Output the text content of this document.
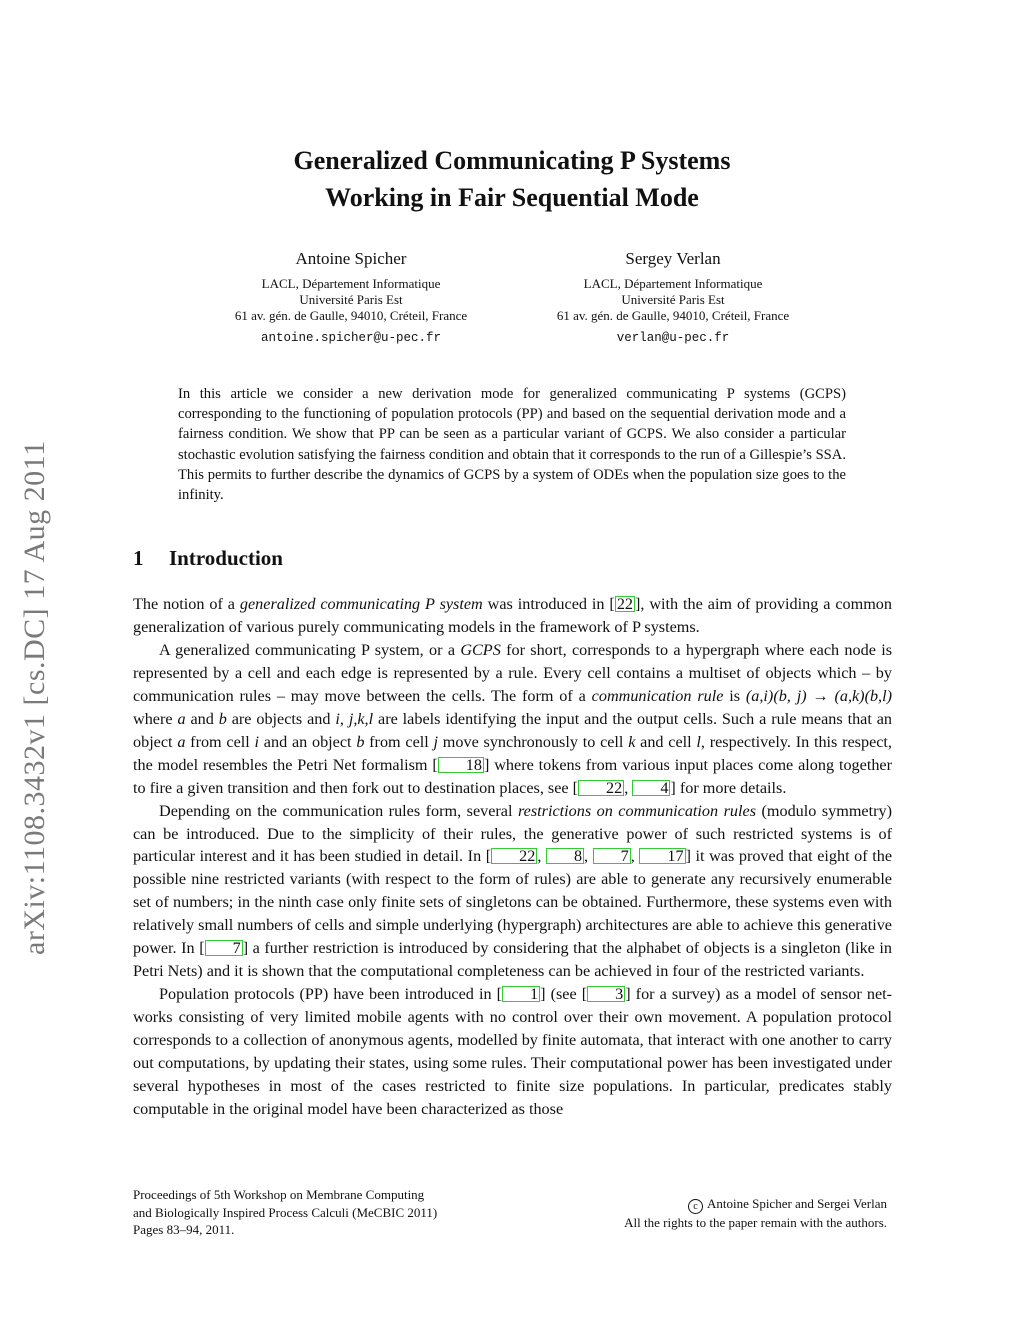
arXiv:1108.3432v1 [cs.DC] 17 Aug 2011
Generalized Communicating P Systems
Working in Fair Sequential Mode
Antoine Spicher
LACL, Département Informatique
Université Paris Est
61 av. gén. de Gaulle, 94010, Créteil, France
antoine.spicher@u-pec.fr
Sergey Verlan
LACL, Département Informatique
Université Paris Est
61 av. gén. de Gaulle, 94010, Créteil, France
verlan@u-pec.fr
In this article we consider a new derivation mode for generalized communicating P systems (GCPS) corresponding to the functioning of population protocols (PP) and based on the sequential derivation mode and a fairness condition. We show that PP can be seen as a particular variant of GCPS. We also consider a particular stochastic evolution satisfying the fairness condition and obtain that it corresponds to the run of a Gillespie’s SSA. This permits to further describe the dynamics of GCPS by a system of ODEs when the population size goes to the infinity.
1 Introduction

The notion of a generalized communicating P system was introduced in [ 22 ], with the aim of providing a common generalization of various purely communicating models in the framework of P systems.

A generalized communicating P system, or a GCPS for short, corresponds to a hypergraph where each node is represented by a cell and each edge is represented by a rule. Every cell contains a multiset of objects which – by communication rules – may move between the cells. The form of a communication rule is (a,i)(b, j) → (a,k)(b,l) where a and b are objects and i, j,k,l are labels identifying the input and the output cells. Such a rule means that an object a from cell i and an object b from cell j move synchronously to cell k and cell l, respectively. In this respect, the model resembles the Petri Net formalism [ 18 ] where tokens from various input places come along together to fire a given transition and then fork out to destination places, see [ 22 , 4 ] for more details.

Depending on the communication rules form, several restrictions on communication rules (modulo symmetry) can be introduced. Due to the simplicity of their rules, the generative power of such restricted systems is of particular interest and it has been studied in detail. In [ 22 , 8 , 7 , 17 ] it was proved that eight of the possible nine restricted variants (with respect to the form of rules) are able to generate any recursively enumerable set of numbers; in the ninth case only finite sets of singletons can be obtained. Furthermore, these systems even with relatively small numbers of cells and simple underlying (hypergraph) architectures are able to achieve this generative power. In [ 7 ] a further restriction is introduced by considering that the alphabet of objects is a singleton (like in Petri Nets) and it is shown that the computational completeness can be achieved in four of the restricted variants.

Population protocols (PP) have been introduced in [ 1 ] (see [ 3 ] for a survey) as a model of sensor networks consisting of very limited mobile agents with no control over their own movement. A population protocol corresponds to a collection of anonymous agents, modelled by finite automata, that interact with one another to carry out computations, by updating their states, using some rules. Their computational power has been investigated under several hypotheses in most of the cases restricted to finite size populations. In particular, predicates stably computable in the original model have been characterized as those

Proceedings of 5th Workshop on Membrane Computing
and Biologically Inspired Process Calculi (MeCBIC 2011)
Pages 83–94, 2011.
c Antoine Spicher and Sergei Verlan
All the rights to the paper remain with the authors.
